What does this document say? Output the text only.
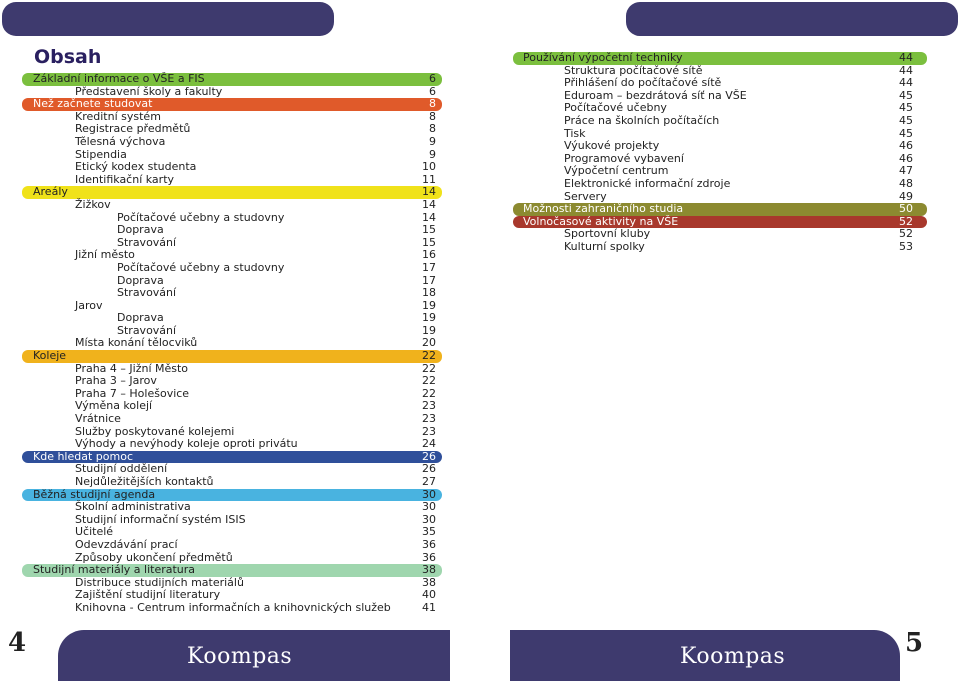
Obsah
Základní informace o VŠE a FIS	6
Představení školy a fakulty	6
Než začnete studovat	8
Kreditní systém	8
Registrace předmětů	8
Tělesná výchova	9
Stipendia	9
Etický kodex studenta	10
Identifikační karty	11
Areály	14
Žižkov	14
Počítačové učebny a studovny	14
Doprava	15
Stravování	15
Jižní město	16
Počítačové učebny a studovny	17
Doprava	17
Stravování	18
Jarov	19
Doprava	19
Stravování	19
Místa konání tělocviků	20
Koleje	22
Praha 4 – Jižní Město	22
Praha 3 – Jarov	22
Praha 7 – Holešovice	22
Výměna kolejí	23
Vrátnice	23
Služby poskytované kolejemi	23
Výhody a nevýhody koleje oproti privátu	24
Kde hledat pomoc	26
Studijní oddělení	26
Nejdůležitějších kontaktů	27
Běžná studijní agenda	30
Školní administrativa	30
Studijní informační systém ISIS	30
Učitelé	35
Odevzdávání prací	36
Způsoby ukončení předmětů	36
Studijní materiály a literatura	38
Distribuce studijních materiálů	38
Zajištění studijní literatury	40
Knihovna - Centrum informačních a knihovnických služeb	41
Používání výpočetní techniky	44
Struktura počítačové sítě	44
Přihlášení do počítačové sítě	44
Eduroam – bezdrátová síť na VŠE	45
Počítačové učebny	45
Práce na školních počítačích	45
Tisk	45
Výukové projekty	46
Programové vybavení	46
Výpočetní centrum	47
Elektronické informační zdroje	48
Servery	49
Možnosti zahraničního studia	50
Volnočasové aktivity na VŠE	52
Sportovní kluby	52
Kulturní spolky	53
4	5
Koompas	Koompas
